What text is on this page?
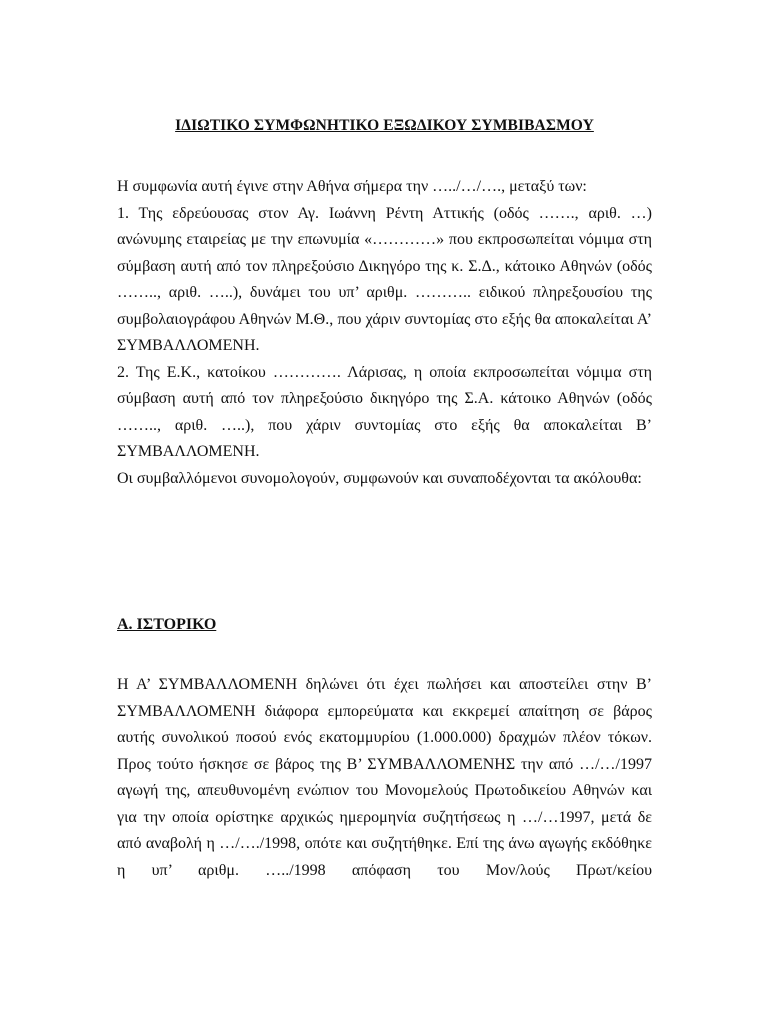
ΙΔΙΩΤΙΚΟ ΣΥΜΦΩΝΗΤΙΚΟ ΕΞΩΔΙΚΟΥ ΣΥΜΒΙΒΑΣΜΟΥ

Η συμφωνία αυτή έγινε στην Αθήνα σήμερα την …../…/…., μεταξύ των:

1. Της εδρεύουσας στον Αγ. Ιωάννη Ρέντη Αττικής (οδός ……., αριθ. …) ανώνυμης εταιρείας με την επωνυμία «…………» που εκπροσωπείται νόμιμα στη σύμβαση αυτή από τον πληρεξούσιο Δικηγόρο της κ. Σ.Δ., κάτοικο Αθηνών (οδός …….., αριθ. …..), δυνάμει του υπ’ αριθμ. ……….. ειδικού πληρεξουσίου της συμβολαιογράφου Αθηνών Μ.Θ., που χάριν συντομίας στο εξής θα αποκαλείται Α’ ΣΥΜΒΑΛΛΟΜΕΝΗ.

2. Της Ε.Κ., κατοίκου …………. Λάρισας, η οποία εκπροσωπείται νόμιμα στη σύμβαση αυτή από τον πληρεξούσιο δικηγόρο της Σ.Α. κάτοικο Αθηνών (οδός …….., αριθ. …..), που χάριν συντομίας στο εξής θα αποκαλείται Β’ ΣΥΜΒΑΛΛΟΜΕΝΗ.

Οι συμβαλλόμενοι συνομολογούν, συμφωνούν και συναποδέχονται τα ακόλουθα:

Α. ΙΣΤΟΡΙΚΟ

Η Α’ ΣΥΜΒΑΛΛΟΜΕΝΗ δηλώνει ότι έχει πωλήσει και αποστείλει στην Β’ ΣΥΜΒΑΛΛΟΜΕΝΗ διάφορα εμπορεύματα και εκκρεμεί απαίτηση σε βάρος αυτής συνολικού ποσού ενός εκατομμυρίου (1.000.000) δραχμών πλέον τόκων. Προς τούτο ήσκησε σε βάρος της Β’ ΣΥΜΒΑΛΛΟΜΕΝΗΣ την από …/…/1997 αγωγή της, απευθυνομένη ενώπιον του Μονομελούς Πρωτοδικείου Αθηνών και για την οποία ορίστηκε αρχικώς ημερομηνία συζητήσεως η …/…1997, μετά δε από αναβολή η …/…./1998, οπότε και συζητήθηκε. Επί της άνω αγωγής εκδόθηκε η υπ’ αριθμ. …../1998 απόφαση του Μον/λούς Πρωτ/κείου
